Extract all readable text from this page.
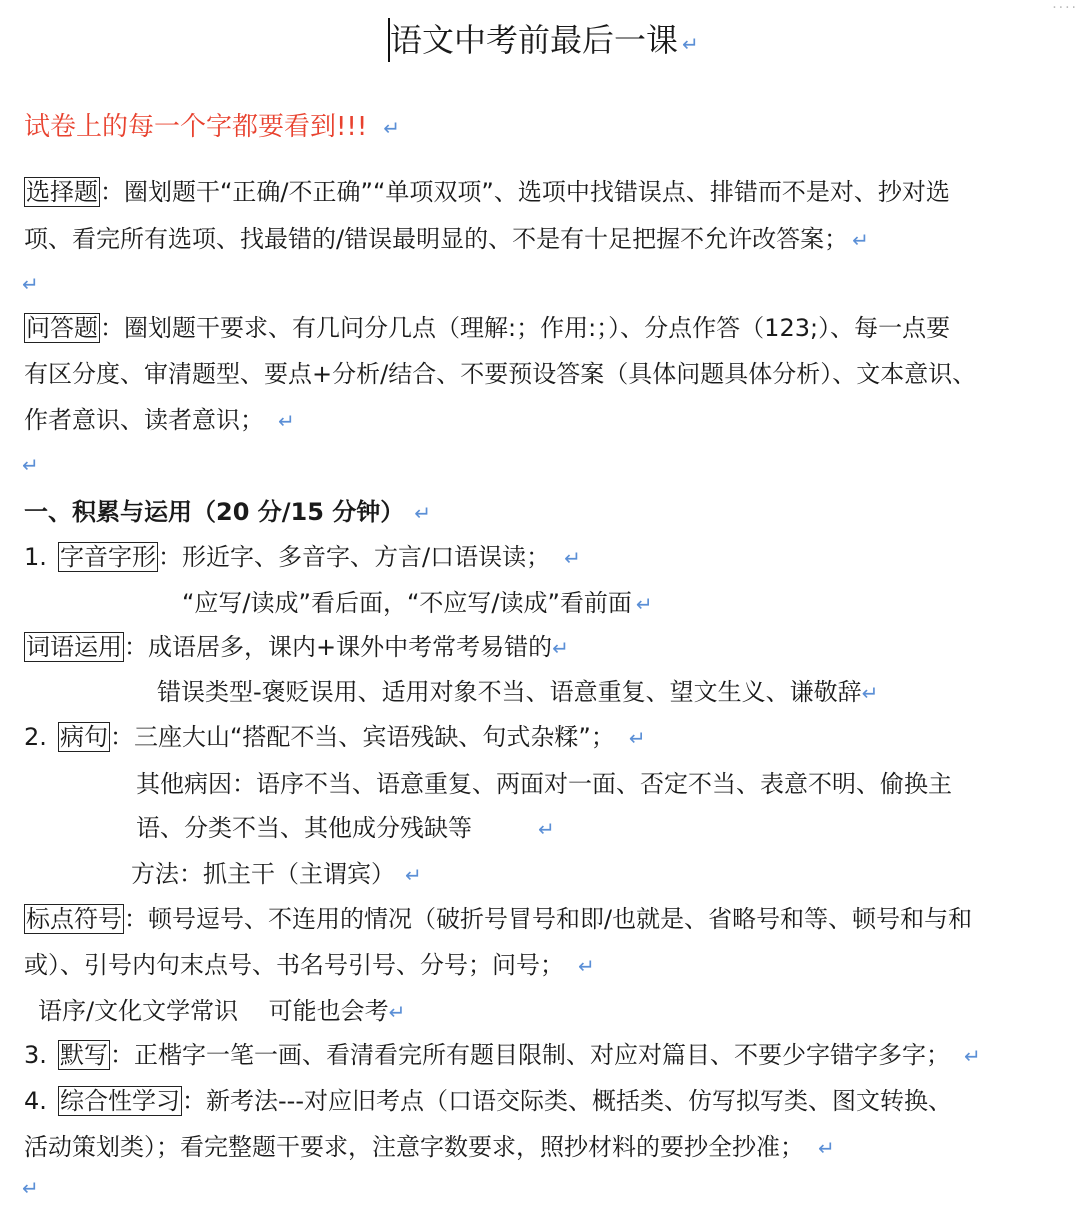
····
语文中考前最后一课 ↵
试卷上的每一个字都要看到!!! ↵
选择题：圈划题干“正确/不正确”“单项双项”、选项中找错误点、排错而不是对、抄对选
项、看完所有选项、找最错的/错误最明显的、不是有十足把握不允许改答案； ↵
↵
问答题：圈划题干要求、有几问分几点（理解:；作用:；）、分点作答（123;）、每一点要
有区分度、审清题型、要点+分析/结合、不要预设答案（具体问题具体分析）、文本意识、
作者意识、读者意识； ↵
↵
一、积累与运用（20 分/15 分钟） ↵
1. 字音字形：形近字、多音字、方言/口语误读； ↵
“应写/读成”看后面，“不应写/读成”看前面 ↵
词语运用：成语居多，课内+课外中考常考易错的↵
错误类型-褒贬误用、适用对象不当、语意重复、望文生义、谦敬辞↵
2. 病句：三座大山“搭配不当、宾语残缺、句式杂糅”； ↵
其他病因：语序不当、语意重复、两面对一面、否定不当、表意不明、偷换主
语、分类不当、其他成分残缺等	↵
方法：抓主干（主谓宾） ↵
标点符号：顿号逗号、不连用的情况（破折号冒号和即/也就是、省略号和等、顿号和与和
或）、引号内句末点号、书名号引号、分号；问号； ↵
语序/文化文学常识    可能也会考↵
3. 默写：正楷字一笔一画、看清看完所有题目限制、对应对篇目、不要少字错字多字； ↵
4. 综合性学习：新考法---对应旧考点（口语交际类、概括类、仿写拟写类、图文转换、
活动策划类）；看完整题干要求，注意字数要求，照抄材料的要抄全抄准； ↵
↵
